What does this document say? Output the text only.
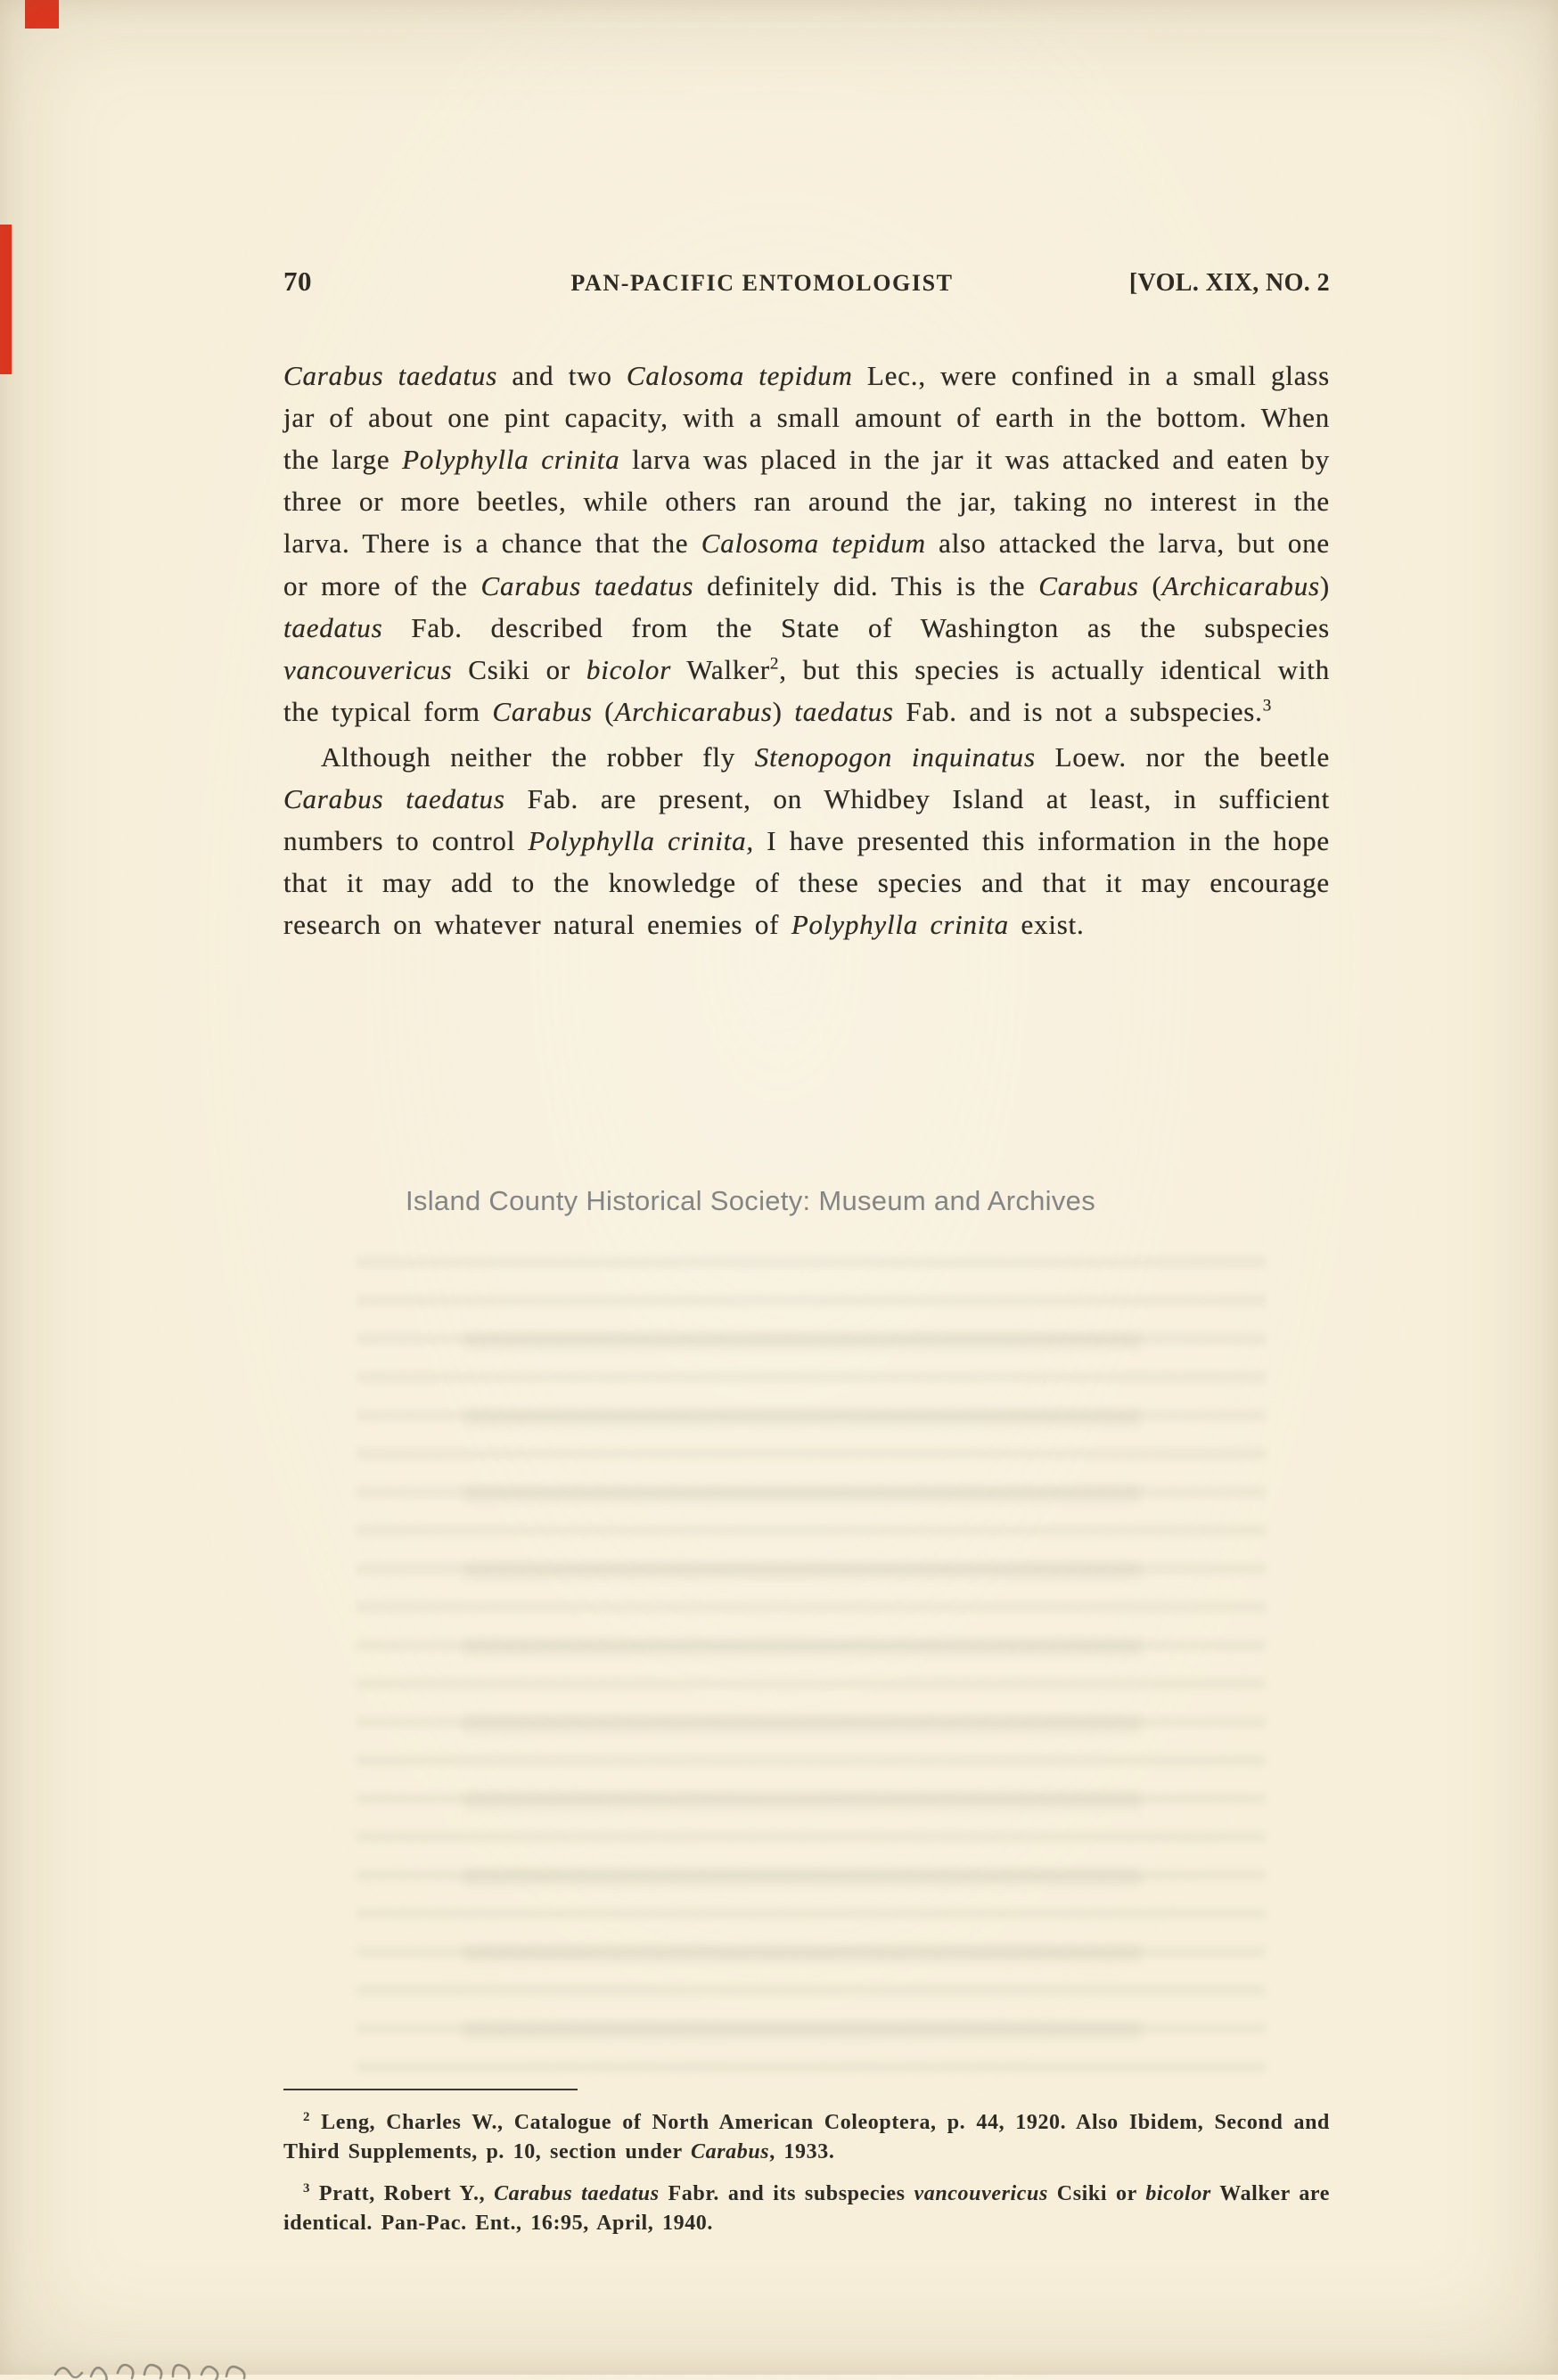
70	PAN-PACIFIC ENTOMOLOGIST	[VOL. XIX, NO. 2

Carabus taedatus and two Calosoma tepidum Lec., were confined in a small glass jar of about one pint capacity, with a small amount of earth in the bottom. When the large Polyphylla crinita larva was placed in the jar it was attacked and eaten by three or more beetles, while others ran around the jar, taking no interest in the larva. There is a chance that the Calosoma tepidum also attacked the larva, but one or more of the Carabus taedatus definitely did. This is the Carabus (Archicarabus) taedatus Fab. described from the State of Washington as the subspecies vancouvericus Csiki or bicolor Walker$^2$, but this species is actually identical with the typical form Carabus (Archicarabus) taedatus Fab. and is not a subspecies.$^3$

Although neither the robber fly Stenopogon inquinatus Loew. nor the beetle Carabus taedatus Fab. are present, on Whidbey Island at least, in sufficient numbers to control Polyphylla crinita, I have presented this information in the hope that it may add to the knowledge of these species and that it may encourage research on whatever natural enemies of Polyphylla crinita exist.

Island County Historical Society: Museum and Archives

$^2$ Leng, Charles W., Catalogue of North American Coleoptera, p. 44, 1920. Also Ibidem, Second and Third Supplements, p. 10, section under Carabus, 1933.

$^3$ Pratt, Robert Y., Carabus taedatus Fabr. and its subspecies vancouvericus Csiki or bicolor Walker are identical. Pan-Pac. Ent., 16:95, April, 1940.
